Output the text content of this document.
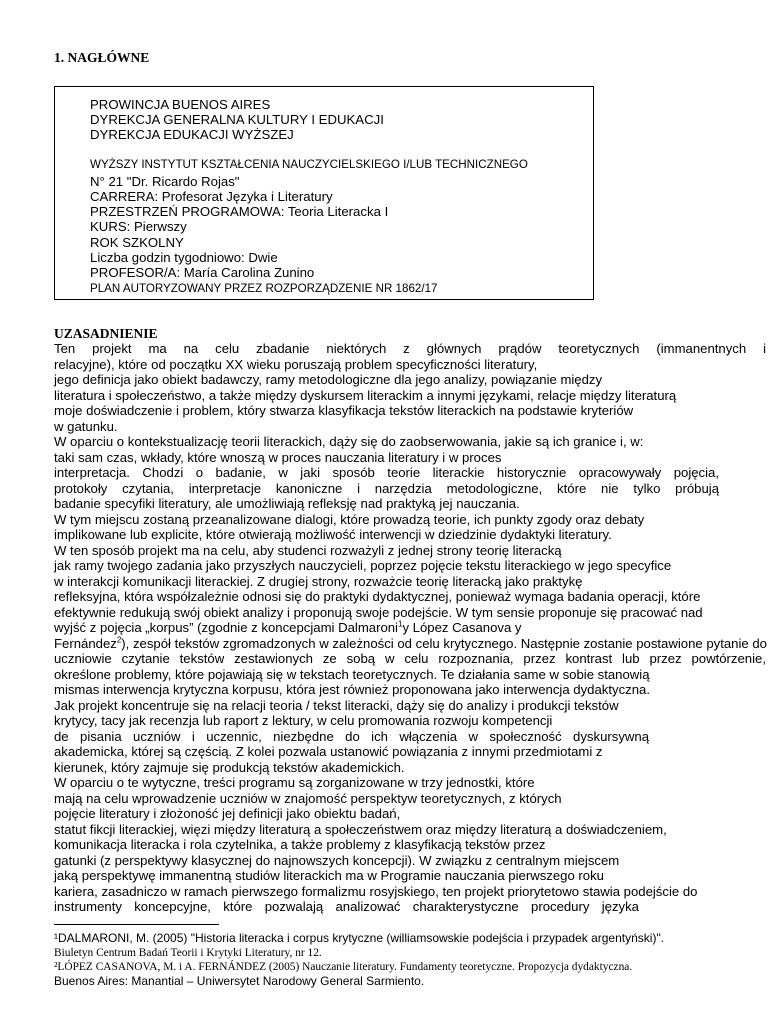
1. NAGŁÓWNE
PROWINCJA BUENOS AIRES
DYREKCJA GENERALNA KULTURY I EDUKACJI
DYREKCJA EDUKACJI WYŻSZEJ
WYŻSZY INSTYTUT KSZTAŁCENIA NAUCZYCIELSKIEGO I/LUB TECHNICZNEGO
N° 21 "Dr. Ricardo Rojas"
CARRERA: Profesorat Języka i Literatury
PRZESTRZEŃ PROGRAMOWA: Teoria Literacka I
KURS: Pierwszy
ROK SZKOLNY
Liczba godzin tygodniowo: Dwie
PROFESOR/A: María Carolina Zunino
PLAN AUTORYZOWANY PRZEZ ROZPORZĄDZENIE NR 1862/17
UZASADNIENIE
Ten projekt ma na celu zbadanie niektórych z głównych prądów teoretycznych (immanentnych i
relacyjne), które od początku XX wieku poruszają problem specyficzności literatury,
jego definicja jako obiekt badawczy, ramy metodologiczne dla jego analizy, powiązanie między
literatura i społeczeństwo, a także między dyskursem literackim a innymi językami, relacje między literaturą
moje doświadczenie i problem, który stwarza klasyfikacja tekstów literackich na podstawie kryteriów
w gatunku.
W oparciu o kontekstualizację teorii literackich, dąży się do zaobserwowania, jakie są ich granice i, w:
taki sam czas, wkłady, które wnoszą w proces nauczania literatury i w proces
interpretacja. Chodzi o badanie, w jaki sposób teorie literackie historycznie opracowywały pojęcia,
protokoły czytania, interpretacje kanoniczne i narzędzia metodologiczne, które nie tylko próbują
badanie specyfiki literatury, ale umożliwiają refleksję nad praktyką jej nauczania.
W tym miejscu zostaną przeanalizowane dialogi, które prowadzą teorie, ich punkty zgody oraz debaty
implikowane lub explicite, które otwierają możliwość interwencji w dziedzinie dydaktyki literatury.
W ten sposób projekt ma na celu, aby studenci rozważyli z jednej strony teorię literacką
jak ramy twojego zadania jako przyszłych nauczycieli, poprzez pojęcie tekstu literackiego w jego specyfice
w interakcji komunikacji literackiej. Z drugiej strony, rozważcie teorię literacką jako praktykę
refleksyjna, która współzależnie odnosi się do praktyki dydaktycznej, ponieważ wymaga badania operacji, które
efektywnie redukują swój obiekt analizy i proponują swoje podejście. W tym sensie proponuje się pracować nad
wyjść z pojęcia „korpus” (zgodnie z koncepcjami Dalmaroni$^1$y López Casanova y
Fernández$^2$), zespół tekstów zgromadzonych w zależności od celu krytycznego. Następnie zostanie postawione pytanie do
uczniowie czytanie tekstów zestawionych ze sobą w celu rozpoznania, przez kontrast lub przez powtórzenie,
określone problemy, które pojawiają się w tekstach teoretycznych. Te działania same w sobie stanowią
mismas interwencja krytyczna korpusu, która jest również proponowana jako interwencja dydaktyczna.
Jak projekt koncentruje się na relacji teoria / tekst literacki, dąży się do analizy i produkcji tekstów
krytycy, tacy jak recenzja lub raport z lektury, w celu promowania rozwoju kompetencji
de pisania uczniów i uczennic, niezbędne do ich włączenia w społeczność dyskursywną
akademicka, której są częścią. Z kolei pozwala ustanowić powiązania z innymi przedmiotami z
kierunek, który zajmuje się produkcją tekstów akademickich.
W oparciu o te wytyczne, treści programu są zorganizowane w trzy jednostki, które
mają na celu wprowadzenie uczniów w znajomość perspektyw teoretycznych, z których
pojęcie literatury i złożoność jej definicji jako obiektu badań,
statut fikcji literackiej, więzi między literaturą a społeczeństwem oraz między literaturą a doświadczeniem,
komunikacja literacka i rola czytelnika, a także problemy z klasyfikacją tekstów przez
gatunki (z perspektywy klasycznej do najnowszych koncepcji). W związku z centralnym miejscem
jaką perspektywę immanentną studiów literackich ma w Programie nauczania pierwszego roku
kariera, zasadniczo w ramach pierwszego formalizmu rosyjskiego, ten projekt priorytetowo stawia podejście do
instrumenty koncepcyjne, które pozwalają analizować charakterystyczne procedury języka
¹DALMARONI, M. (2005) "Historia literacka i corpus krytyczne (williamsowskie podejścia i przypadek argentyński)".
Biuletyn Centrum Badań Teorii i Krytyki Literatury, nr 12.
²LÓPEZ CASANOVA, M. i A. FERNÁNDEZ (2005) Nauczanie literatury. Fundamenty teoretyczne. Propozycja dydaktyczna.
Buenos Aires: Manantial – Uniwersytet Narodowy General Sarmiento.
